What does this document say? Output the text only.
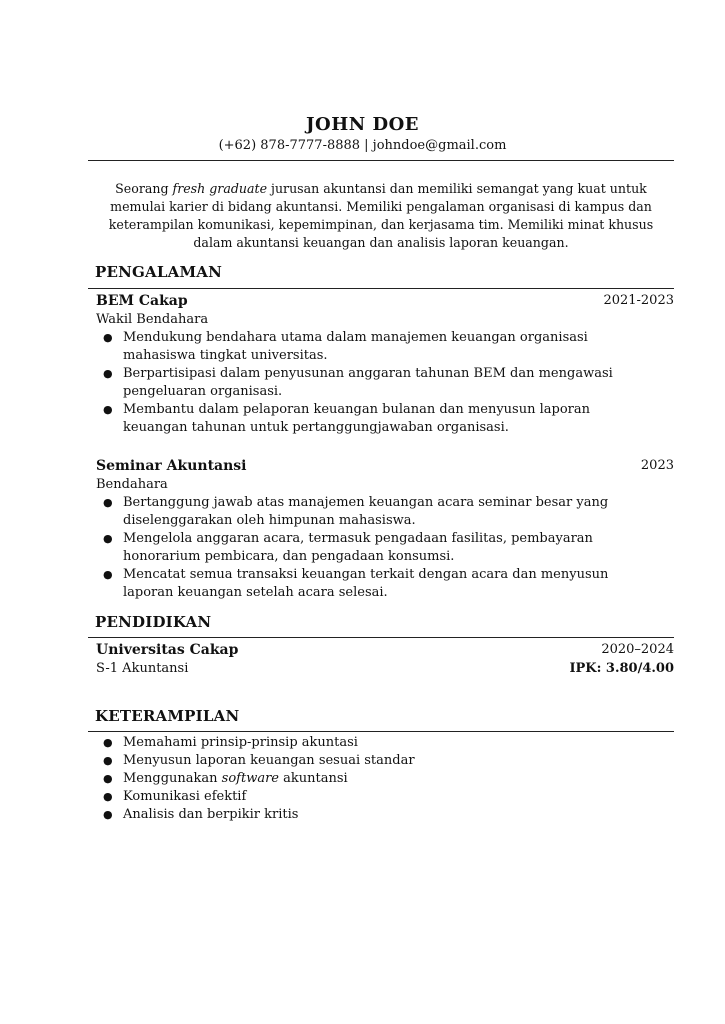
JOHN DOE
(+62) 878-7777-8888 | johndoe@gmail.com
Seorang fresh graduate jurusan akuntansi dan memiliki semangat yang kuat untuk memulai karier di bidang akuntansi. Memiliki pengalaman organisasi di kampus dan keterampilan komunikasi, kepemimpinan, dan kerjasama tim. Memiliki minat khusus dalam akuntansi keuangan dan analisis laporan keuangan.
PENGALAMAN
BEM Cakap	2021-2023
Wakil Bendahara
● Mendukung bendahara utama dalam manajemen keuangan organisasi mahasiswa tingkat universitas.
● Berpartisipasi dalam penyusunan anggaran tahunan BEM dan mengawasi pengeluaran organisasi.
● Membantu dalam pelaporan keuangan bulanan dan menyusun laporan keuangan tahunan untuk pertanggungjawaban organisasi.
Seminar Akuntansi	2023
Bendahara
● Bertanggung jawab atas manajemen keuangan acara seminar besar yang diselenggarakan oleh himpunan mahasiswa.
● Mengelola anggaran acara, termasuk pengadaan fasilitas, pembayaran honorarium pembicara, dan pengadaan konsumsi.
● Mencatat semua transaksi keuangan terkait dengan acara dan menyusun laporan keuangan setelah acara selesai.
PENDIDIKAN
Universitas Cakap	2020–2024
S-1 Akuntansi	IPK: 3.80/4.00
KETERAMPILAN
● Memahami prinsip-prinsip akuntasi
● Menyusun laporan keuangan sesuai standar
● Menggunakan software akuntansi
● Komunikasi efektif
● Analisis dan berpikir kritis
